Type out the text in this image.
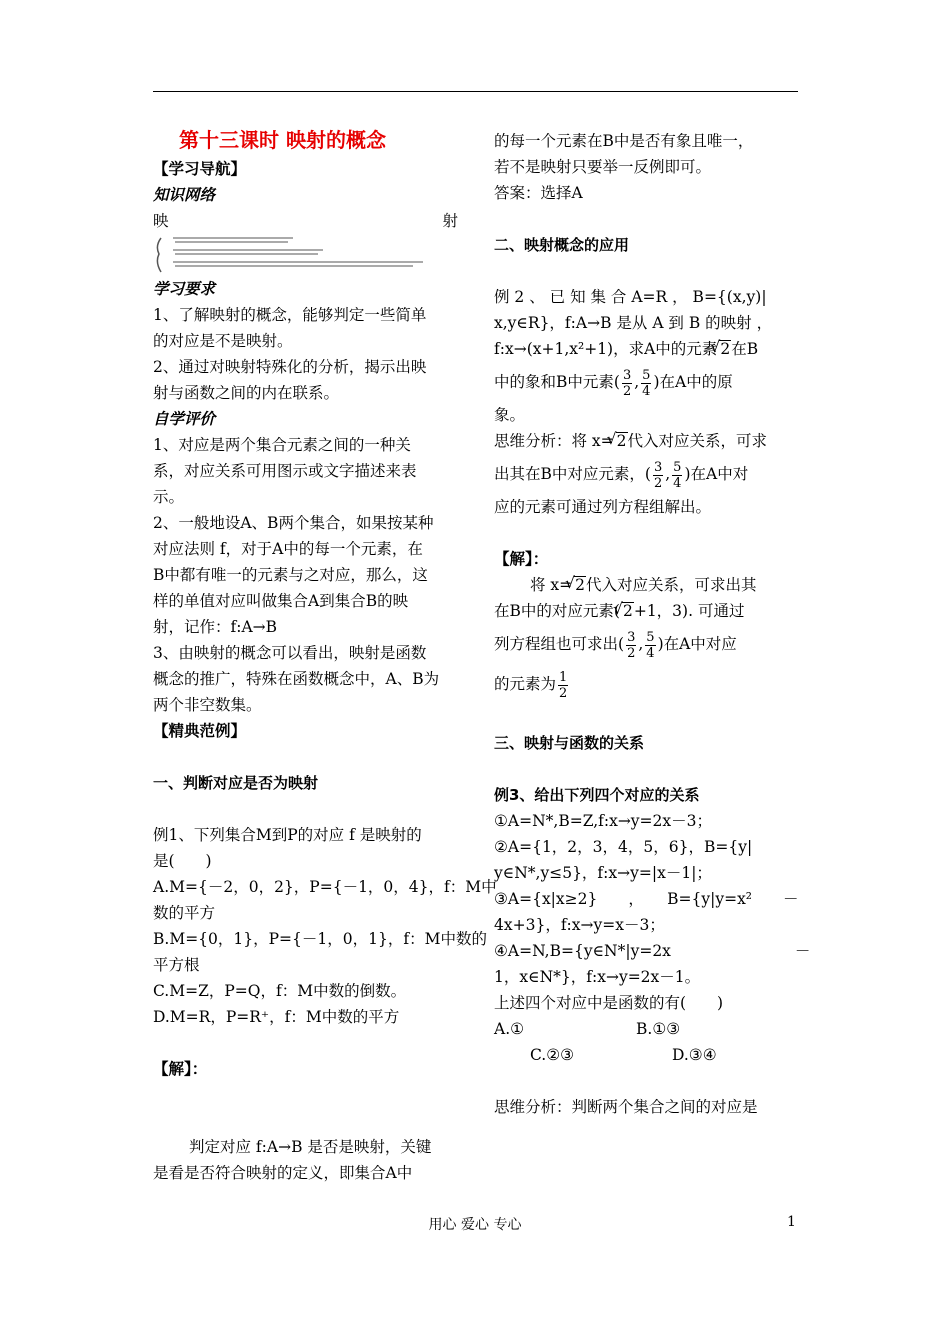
第十三课时 映射的概念
【学习导航】
知识网络
映	射
学习要求
1、了解映射的概念，能够判定一些简单
的对应是不是映射。
2、通过对映射特殊化的分析，揭示出映
射与函数之间的内在联系。
自学评价
1、对应是两个集合元素之间的一种关
系，对应关系可用图示或文字描述来表
示。
2、一般地设A、B两个集合，如果按某种
对应法则 f，对于A中的每一个元素，在
B中都有唯一的元素与之对应，那么，这
样的单值对应叫做集合A到集合B的映
射，记作：f:A→B
3、由映射的概念可以看出，映射是函数
概念的推广，特殊在函数概念中，A、B为
两个非空数集。
【精典范例】
一、判断对应是否为映射
例1、下列集合M到P的对应 f 是映射的
是(　　)
A.M={－2，0，2}，P={－1，0，4}，f：M中
数的平方
B.M={0，1}，P={－1，0，1}，f：M中数的
平方根
C.M=Z，P=Q，f：M中数的倒数。
D.M=R，P=R⁺，f：M中数的平方
【解】：
判定对应 f:A→B 是否是映射，关键
是看是否符合映射的定义，即集合A中
的每一个元素在B中是否有象且唯一，
若不是映射只要举一反例即可。
答案：选择A
二、映射概念的应用
例 2 、 已 知 集 合 A=R ， B={(x,y)|
x,y∈R}，f:A→B 是从 A 到 B 的映射 ，
f:x→(x+1,x²+1)，求A中的元素 √ 2在B
中的象和B中元素( $\frac{3}{2}$ , $\frac{5}{4}$ )在A中的原
象。
思维分析：将 x= √ 2代入对应关系，可求
出其在B中对应元素，( $\frac{3}{2}$ , $\frac{5}{4}$ )在A中对
应的元素可通过列方程组解出。
【解】：
将 x= √ 2代入对应关系，可求出其
在B中的对应元素( √ 2+1，3). 可通过
列方程组也可求出( $\frac{3}{2}$ , $\frac{5}{4}$ )在A中对应
的元素为 $\frac{1}{2}$
三、映射与函数的关系
例3、给出下列四个对应的关系
①A=N*,B=Z,f:x→y=2x－3；
②A={1，2，3，4，5，6}，B={y|
y∈N*,y≤5}，f:x→y=|x－1|；
③A={x|x≥2}　　，　　B={y|y=x²　　－
4x+3}，f:x→y=x－3；
④A=N,B={y∈N*|y=2x　　　　　　　　－
1，x∈N*}，f:x→y=2x－1。
上述四个对应中是函数的有(　　)
A.①	B.①③
C.②③	D.③④
思维分析：判断两个集合之间的对应是
用心 爱心 专心	1
